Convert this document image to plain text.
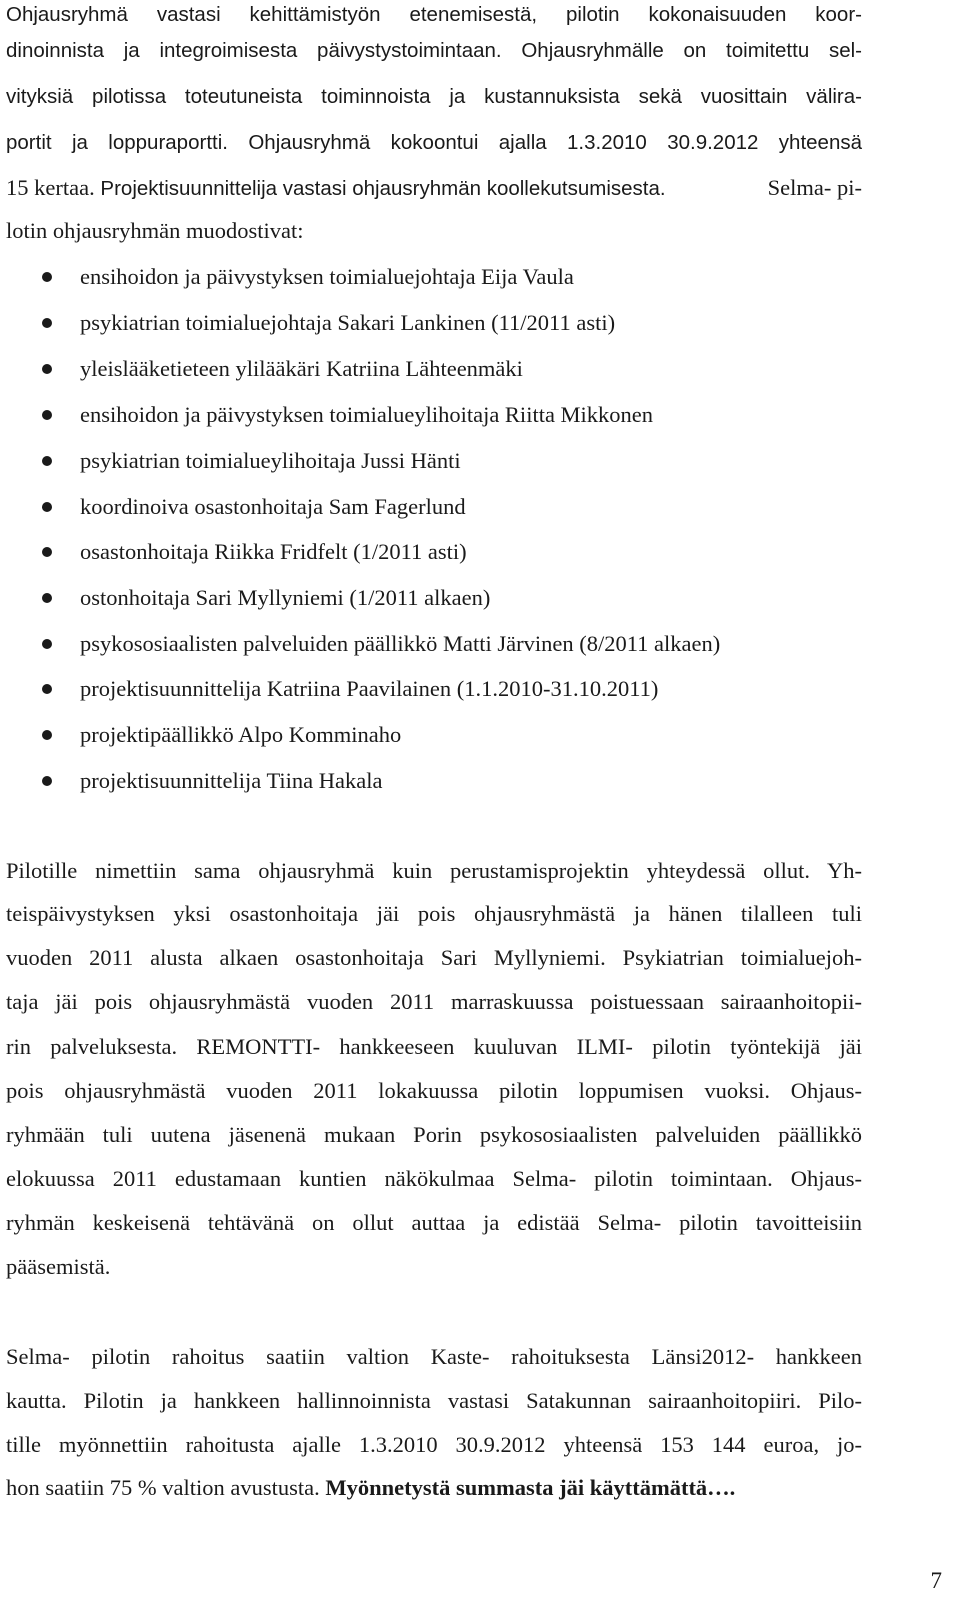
Ohjausryhmä vastasi kehittämistyön etenemisestä, pilotin kokonaisuuden koor-
dinoinnista ja integroimisesta päivystystoimintaan. Ohjausryhmälle on toimitettu sel-
vityksiä pilotissa toteutuneista toiminnoista ja kustannuksista sekä vuosittain välira-
portit ja loppuraportti. Ohjausryhmä kokoontui ajalla 1.3.2010 30.9.2012 yhteensä
15 kertaa. Projektisuunnittelija vastasi ohjausryhmän koollekutsumisesta.	Selma- pi-
lotin ohjausryhmän muodostivat:
ensihoidon ja päivystyksen toimialuejohtaja Eija Vaula
psykiatrian toimialuejohtaja Sakari Lankinen (11/2011 asti)
yleislääketieteen ylilääkäri Katriina Lähteenmäki
ensihoidon ja päivystyksen toimialueylihoitaja Riitta Mikkonen
psykiatrian toimialueylihoitaja Jussi Hänti
koordinoiva osastonhoitaja Sam Fagerlund
osastonhoitaja Riikka Fridfelt (1/2011 asti)
ostonhoitaja Sari Myllyniemi (1/2011 alkaen)
psykososiaalisten palveluiden päällikkö Matti Järvinen (8/2011 alkaen)
projektisuunnittelija Katriina Paavilainen (1.1.2010-31.10.2011)
projektipäällikkö Alpo Komminaho
projektisuunnittelija Tiina Hakala
Pilotille nimettiin sama ohjausryhmä kuin perustamisprojektin yhteydessä ollut. Yh-
teispäivystyksen yksi osastonhoitaja jäi pois ohjausryhmästä ja hänen tilalleen tuli
vuoden 2011 alusta alkaen osastonhoitaja Sari Myllyniemi. Psykiatrian toimialuejoh-
taja jäi pois ohjausryhmästä vuoden 2011 marraskuussa poistuessaan sairaanhoitopii-
rin palveluksesta. REMONTTI- hankkeeseen kuuluvan ILMI- pilotin työntekijä jäi
pois ohjausryhmästä vuoden 2011 lokakuussa pilotin loppumisen vuoksi. Ohjaus-
ryhmään tuli uutena jäsenenä mukaan Porin psykososiaalisten palveluiden päällikkö
elokuussa 2011 edustamaan kuntien näkökulmaa Selma- pilotin toimintaan. Ohjaus-
ryhmän keskeisenä tehtävänä on ollut auttaa ja edistää Selma- pilotin tavoitteisiin
pääsemistä.
Selma- pilotin rahoitus saatiin valtion Kaste- rahoituksesta Länsi2012- hankkeen
kautta. Pilotin ja hankkeen hallinnoinnista vastasi Satakunnan sairaanhoitopiiri. Pilo-
tille myönnettiin rahoitusta ajalle 1.3.2010 30.9.2012 yhteensä 153 144 euroa, jo-
hon saatiin 75 % valtion avustusta. Myönnetystä summasta jäi käyttämättä….
7
